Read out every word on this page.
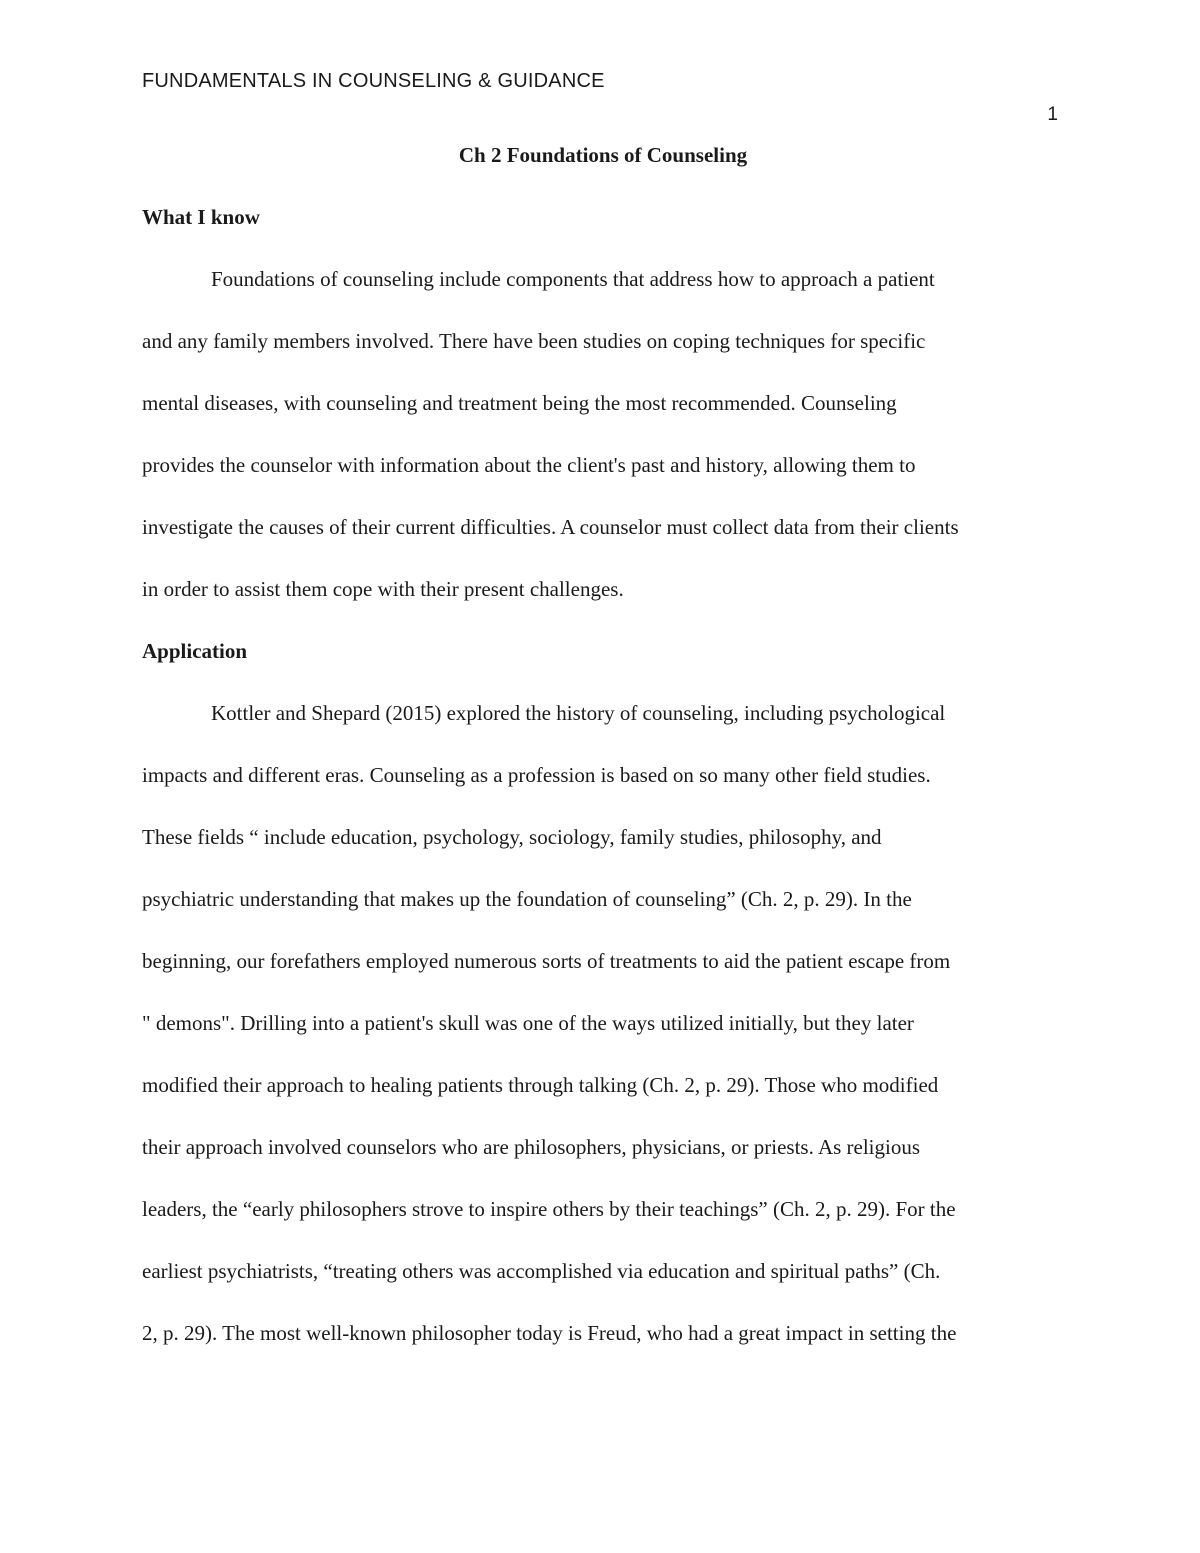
FUNDAMENTALS IN COUNSELING & GUIDANCE
1

Ch 2 Foundations of Counseling

What I know

Foundations of counseling include components that address how to approach a patient

and any family members involved. There have been studies on coping techniques for specific

mental diseases, with counseling and treatment being the most recommended. Counseling

provides the counselor with information about the client's past and history, allowing them to

investigate the causes of their current difficulties. A counselor must collect data from their clients

in order to assist them cope with their present challenges.

Application

Kottler and Shepard (2015) explored the history of counseling, including psychological

impacts and different eras. Counseling as a profession is based on so many other field studies.

These fields “ include education, psychology, sociology, family studies, philosophy, and

psychiatric understanding that makes up the foundation of counseling” (Ch. 2, p. 29). In the

beginning, our forefathers employed numerous sorts of treatments to aid the patient escape from

" demons". Drilling into a patient's skull was one of the ways utilized initially, but they later

modified their approach to healing patients through talking (Ch. 2, p. 29). Those who modified

their approach involved counselors who are philosophers, physicians, or priests. As religious

leaders, the “early philosophers strove to inspire others by their teachings” (Ch. 2, p. 29). For the

earliest psychiatrists, “treating others was accomplished via education and spiritual paths” (Ch.

2, p. 29). The most well-known philosopher today is Freud, who had a great impact in setting the
